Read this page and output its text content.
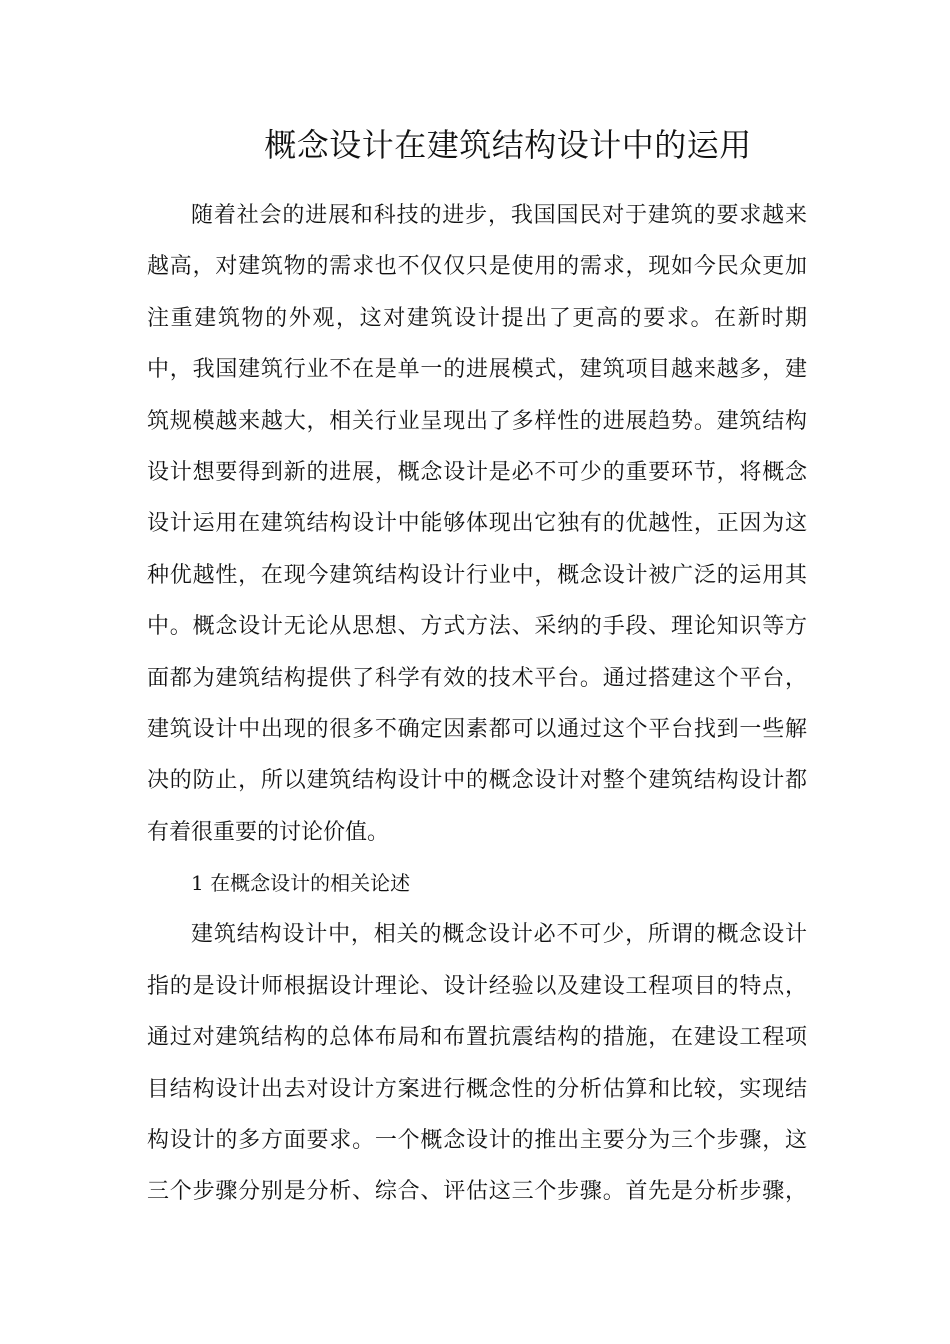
概念设计在建筑结构设计中的运用
随着社会的进展和科技的进步，我国国民对于建筑的要求越来
越高，对建筑物的需求也不仅仅只是使用的需求，现如今民众更加
注重建筑物的外观，这对建筑设计提出了更高的要求。在新时期
中，我国建筑行业不在是单一的进展模式，建筑项目越来越多，建
筑规模越来越大，相关行业呈现出了多样性的进展趋势。建筑结构
设计想要得到新的进展，概念设计是必不可少的重要环节，将概念
设计运用在建筑结构设计中能够体现出它独有的优越性，正因为这
种优越性，在现今建筑结构设计行业中，概念设计被广泛的运用其
中。概念设计无论从思想、方式方法、采纳的手段、理论知识等方
面都为建筑结构提供了科学有效的技术平台。通过搭建这个平台，
建筑设计中出现的很多不确定因素都可以通过这个平台找到一些解
决的防止，所以建筑结构设计中的概念设计对整个建筑结构设计都
有着很重要的讨论价值。
1 在概念设计的相关论述
建筑结构设计中，相关的概念设计必不可少，所谓的概念设计
指的是设计师根据设计理论、设计经验以及建设工程项目的特点，
通过对建筑结构的总体布局和布置抗震结构的措施，在建设工程项
目结构设计出去对设计方案进行概念性的分析估算和比较，实现结
构设计的多方面要求。一个概念设计的推出主要分为三个步骤，这
三个步骤分别是分析、综合、评估这三个步骤。首先是分析步骤，
